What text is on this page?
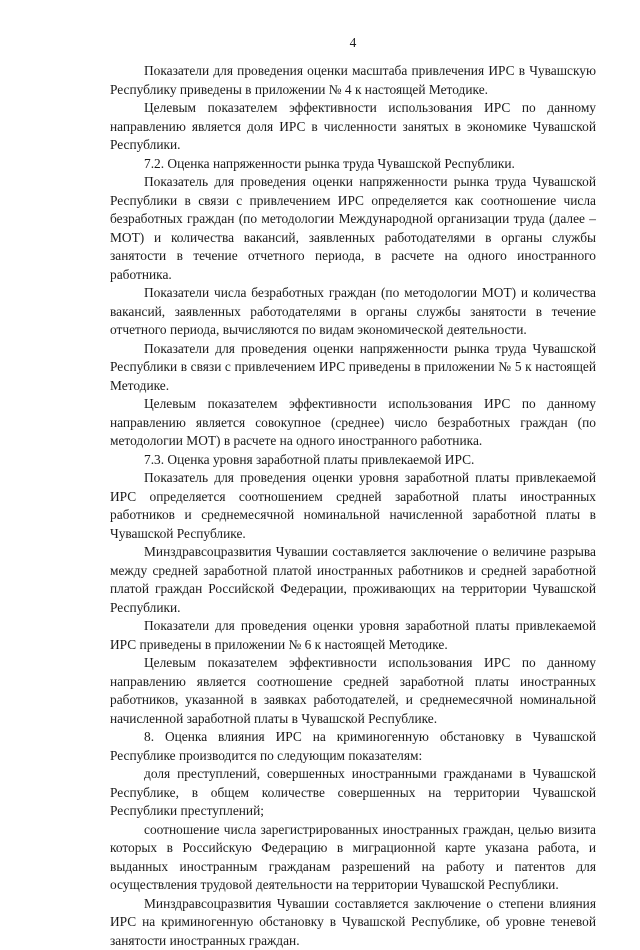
4

Показатели для проведения оценки масштаба привлечения ИРС в Чувашскую Республику приведены в приложении № 4 к настоящей Методике.

Целевым показателем эффективности использования ИРС по данному направлению является доля ИРС в численности занятых в экономике Чувашской Республики.

7.2. Оценка напряженности рынка труда Чувашской Республики.

Показатель для проведения оценки напряженности рынка труда Чувашской Республики в связи с привлечением ИРС определяется как соотношение числа безработных граждан (по методологии Международной организации труда (далее – МОТ) и количества вакансий, заявленных работодателями в органы службы занятости в течение отчетного периода, в расчете на одного иностранного работника.

Показатели числа безработных граждан (по методологии МОТ) и количества вакансий, заявленных работодателями в органы службы занятости в течение отчетного периода, вычисляются по видам экономической деятельности.

Показатели для проведения оценки напряженности рынка труда Чувашской Республики в связи с привлечением ИРС приведены в приложении № 5 к настоящей Методике.

Целевым показателем эффективности использования ИРС по данному направлению является совокупное (среднее) число безработных граждан (по методологии МОТ) в расчете на одного иностранного работника.

7.3. Оценка уровня заработной платы привлекаемой ИРС.

Показатель для проведения оценки уровня заработной платы привлекаемой ИРС определяется соотношением средней заработной платы иностранных работников и среднемесячной номинальной начисленной заработной платы в Чувашской Республике.

Минздравсоцразвития Чувашии составляется заключение о величине разрыва между средней заработной платой иностранных работников и средней заработной платой граждан Российской Федерации, проживающих на территории Чувашской Республики.

Показатели для проведения оценки уровня заработной платы привлекаемой ИРС приведены в приложении № 6 к настоящей Методике.

Целевым показателем эффективности использования ИРС по данному направлению является соотношение средней заработной платы иностранных работников, указанной в заявках работодателей, и среднемесячной номинальной начисленной заработной платы в Чувашской Республике.

8. Оценка влияния ИРС на криминогенную обстановку в Чувашской Республике производится по следующим показателям:

доля преступлений, совершенных иностранными гражданами в Чувашской Республике, в общем количестве совершенных на территории Чувашской Республики преступлений;

соотношение числа зарегистрированных иностранных граждан, целью визита которых в Российскую Федерацию в миграционной карте указана работа, и выданных иностранным гражданам разрешений на работу и патентов для осуществления трудовой деятельности на территории Чувашской Республики.

Минздравсоцразвития Чувашии составляется заключение о степени влияния ИРС на криминогенную обстановку в Чувашской Республике, об уровне теневой занятости иностранных граждан.
